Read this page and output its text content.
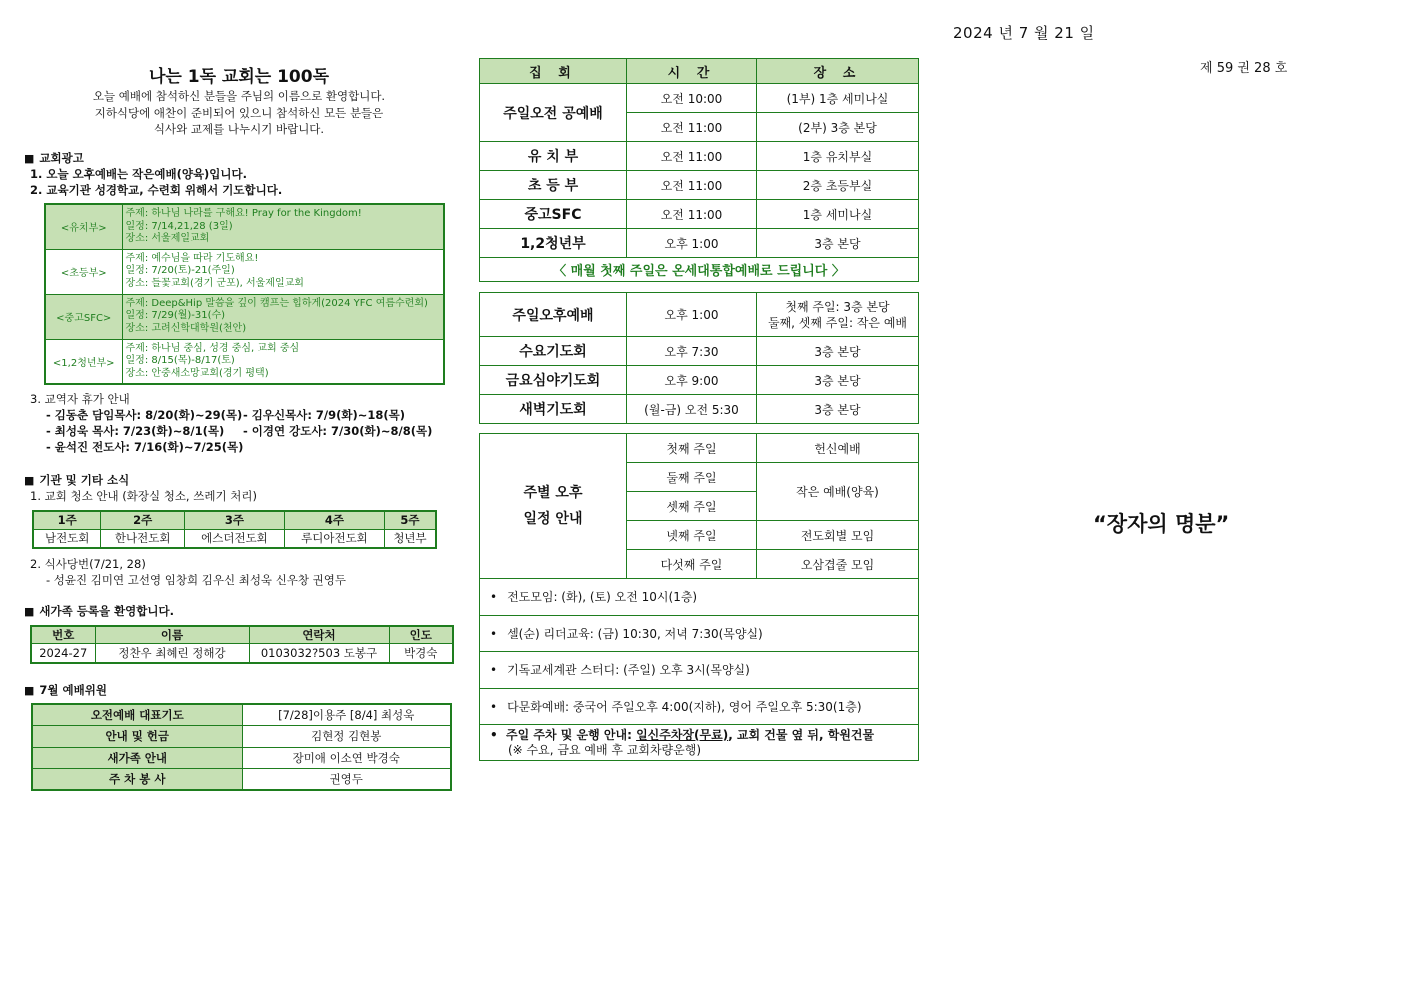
2024 년 7 월 21 일
제 59 권 28 호
“장자의 명분”
나는 1독 교회는 100독
오늘 예배에 참석하신 분들을 주님의 이름으로 환영합니다.
지하식당에 애찬이 준비되어 있으니 참석하신 모든 분들은
식사와 교제를 나누시기 바랍니다.
■ 교회광고
1. 오늘 오후예배는 작은예배(양육)입니다.
2. 교육기관 성경학교, 수련회 위해서 기도합니다.
<유치부>	주제: 하나님 나라를 구해요! Pray for the Kingdom!
일정: 7/14,21,28 (3일)
장소: 서울제일교회

<초등부>	주제: 예수님을 따라 기도해요!
일정: 7/20(토)-21(주일)
장소: 들꽃교회(경기 군포), 서울제일교회

<중고SFC>	주제: Deep&Hip 말씀을 깊이 캠프는 힙하게(2024 YFC 여름수련회)
일정: 7/29(월)-31(수)
장소: 고려신학대학원(천안)

<1,2청년부>	주제: 하나님 중심, 성경 중심, 교회 중심
일정: 8/15(목)-8/17(토)
장소: 안중새소망교회(경기 평택)
3. 교역자 휴가 안내
- 김동춘 담임목사: 8/20(화)~29(목) - 김우신목사: 7/9(화)~18(목)
- 최성욱 목사: 7/23(화)~8/1(목) - 이경연 강도사: 7/30(화)~8/8(목)
- 윤석진 전도사: 7/16(화)~7/25(목)
■ 기관 및 기타 소식
1. 교회 청소 안내 (화장실 청소, 쓰레기 처리)
1주	2주	3주	4주	5주
남전도회	한나전도회	에스더전도회	루디아전도회	청년부
2. 식사당번(7/21, 28)
- 성윤진 김미연 고선영 임창희 김우신 최성욱 신우창 권영두
■ 새가족 등록을 환영합니다.
번호	이름	연락처	인도
2024-27	정찬우 최혜린 정해강	0103032?503 도봉구	박경숙
■ 7월 예배위원
오전예배 대표기도	[7/28]이용주 [8/4] 최성욱
안내 및 헌금	김현정 김현봉
새가족 안내	장미애 이소연 박경숙
주 차 봉 사	권영두
집 회	시 간	장 소
주일오전 공예배	오전 10:00	(1부) 1층 세미나실
	오전 11:00	(2부) 3층 본당
유 치 부	오전 11:00	1층 유치부실
초 등 부	오전 11:00	2층 초등부실
중고SFC	오전 11:00	1층 세미나실
1,2청년부	오후 1:00	3층 본당
〈 매월 첫째 주일은 온세대통합예배로 드립니다 〉		
주일오후예배	오후 1:00	첫째 주일: 3층 본당
둘째, 셋째 주일: 작은 예배

수요기도회	오후 7:30	3층 본당
금요심야기도회	오후 9:00	3층 본당
새벽기도회	(월-금) 오전 5:30	3층 본당
주별 오후
일정 안내	첫째 주일	헌신예배
	둘째 주일	작은 예배(양육)
	셋째 주일	
	넷째 주일	전도회별 모임
	다섯째 주일	오삼겹줄 모임
• 전도모임: (화), (토) 오전 10시(1층)
• 셀(순) 리더교육: (금) 10:30, 저녁 7:30(목양실)
• 기독교세계관 스터디: (주일) 오후 3시(목양실)
• 다문화예배: 중국어 주일오후 4:00(지하), 영어 주일오후 5:30(1층)

•  주일 주차 및 운행 안내: 일신주차장(무료), 교회 건물 옆 뒤, 학원건물
(※ 수요, 금요 예배 후 교회차량운행)		
